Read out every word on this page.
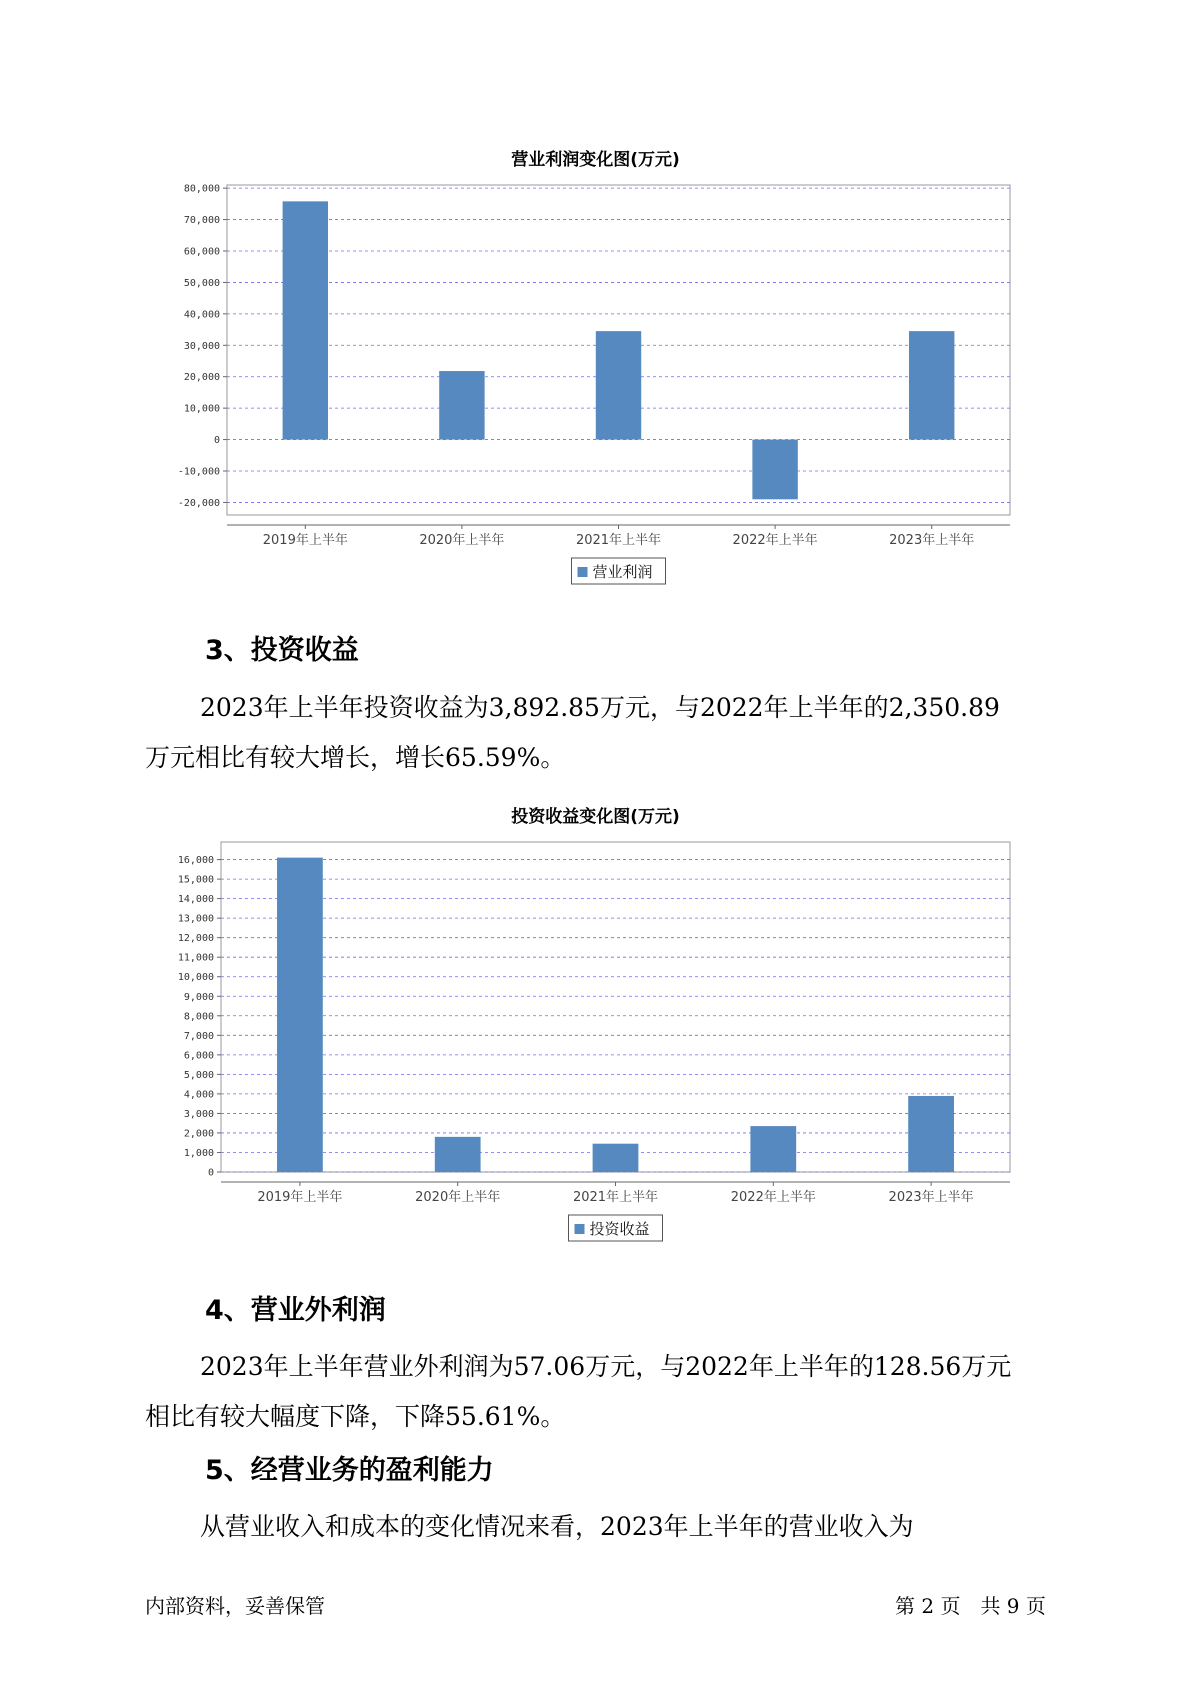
营业利润变化图(万元)
80,000
70,000
60,000
50,000
40,000
30,000
20,000
10,000
0
-10,000
-20,000
2019年上半年	2020年上半年	2021年上半年	2022年上半年	2023年上半年
营业利润
3、投资收益
2023年上半年投资收益为3,892.85万元，与2022年上半年的2,350.89
万元相比有较大增长，增长65.59%。
投资收益变化图(万元)
16,000
15,000
14,000
13,000
12,000
11,000
10,000
9,000
8,000
7,000
6,000
5,000
4,000
3,000
2,000
1,000
0
2019年上半年	2020年上半年	2021年上半年	2022年上半年	2023年上半年
投资收益
4、营业外利润
2023年上半年营业外利润为57.06万元，与2022年上半年的128.56万元
相比有较大幅度下降，下降55.61%。
5、经营业务的盈利能力
从营业收入和成本的变化情况来看，2023年上半年的营业收入为
内部资料，妥善保管	第 2 页　共 9 页
